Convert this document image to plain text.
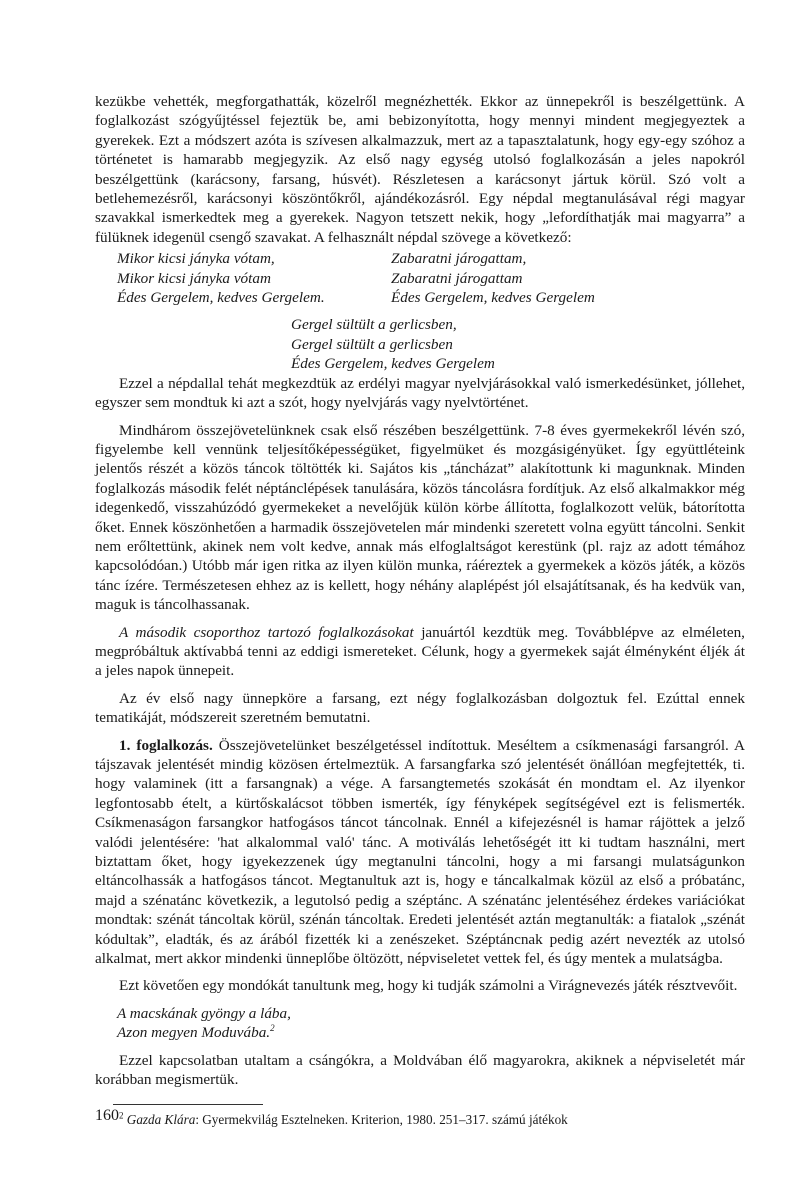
kezükbe vehették, megforgathatták, közelről megnézhették. Ekkor az ünnepekről is beszélgettünk. A foglalkozást szógyűjtéssel fejeztük be, ami bebizonyította, hogy mennyi mindent megjegyeztek a gyerekek. Ezt a módszert azóta is szívesen alkalmazzuk, mert az a tapasztalatunk, hogy egy-egy szóhoz a történetet is hamarabb megjegyzik. Az első nagy egység utolsó foglalkozásán a jeles napokról beszélgettünk (karácsony, farsang, húsvét). Részletesen a karácsonyt jártuk körül. Szó volt a betlehemezésről, karácsonyi köszöntőkről, ajándékozásról. Egy népdal megtanulásával régi magyar szavakkal ismerkedtek meg a gyerekek. Nagyon tetszett nekik, hogy „lefordíthatják mai magyarra” a fülüknek idegenül csengő szavakat. A felhasznált népdal szövege a következő:

Mikor kicsi jányka vótam,
Mikor kicsi jányka vótam
Édes Gergelem, kedves Gergelem.
Zabaratni járogattam,
Zabaratni járogattam
Édes Gergelem, kedves Gergelem
Gergel sültült a gerlicsben,
Gergel sültült a gerlicsben
Édes Gergelem, kedves Gergelem

Ezzel a népdallal tehát megkezdtük az erdélyi magyar nyelvjárásokkal való ismerkedésünket, jóllehet, egyszer sem mondtuk ki azt a szót, hogy nyelvjárás vagy nyelvtörténet.

Mindhárom összejövetelünknek csak első részében beszélgettünk. 7-8 éves gyermekekről lévén szó, figyelembe kell vennünk teljesítőképességüket, figyelmüket és mozgásigényüket. Így együttléteink jelentős részét a közös táncok töltötték ki. Sajátos kis „táncházat” alakítottunk ki magunknak. Minden foglalkozás második felét néptánclépések tanulására, közös táncolásra fordítjuk. Az első alkalmakkor még idegenkedő, visszahúzódó gyermekeket a nevelőjük külön körbe állította, foglalkozott velük, bátorította őket. Ennek köszönhetően a harmadik összejövetelen már mindenki szeretett volna együtt táncolni. Senkit nem erőltettünk, akinek nem volt kedve, annak más elfoglaltságot kerestünk (pl. rajz az adott témához kapcsolódóan.) Utóbb már igen ritka az ilyen külön munka, ráéreztek a gyermekek a közös játék, a közös tánc ízére. Természetesen ehhez az is kellett, hogy néhány alaplépést jól elsajátítsanak, és ha kedvük van, maguk is táncolhassanak.

A második csoporthoz tartozó foglalkozásokat januártól kezdtük meg. Továbblépve az elméleten, megpróbáltuk aktívabbá tenni az eddigi ismereteket. Célunk, hogy a gyermekek saját élményként éljék át a jeles napok ünnepeit.

Az év első nagy ünnepköre a farsang, ezt négy foglalkozásban dolgoztuk fel. Ezúttal ennek tematikáját, módszereit szeretném bemutatni.

1. foglalkozás. Összejövetelünket beszélgetéssel indítottuk. Meséltem a csíkmenasági farsangról. A tájszavak jelentését mindig közösen értelmeztük. A farsangfarka szó jelentését önállóan megfejtették, ti. hogy valaminek (itt a farsangnak) a vége. A farsangtemetés szokását én mondtam el. Az ilyenkor legfontosabb ételt, a kürtőskalácsot többen ismerték, így fényképek segítségével ezt is felismerték. Csíkmenaságon farsangkor hatfogásos táncot táncolnak. Ennél a kifejezésnél is hamar rájöttek a jelző valódi jelentésére: 'hat alkalommal való' tánc. A motiválás lehetőségét itt ki tudtam használni, mert biztattam őket, hogy igyekezzenek úgy megtanulni táncolni, hogy a mi farsangi mulatságunkon eltáncolhassák a hatfogásos táncot. Megtanultuk azt is, hogy e táncalkalmak közül az első a próbatánc, majd a szénatánc következik, a legutolsó pedig a széptánc. A szénatánc jelentéséhez érdekes variációkat mondtak: szénát táncoltak körül, szénán táncoltak. Eredeti jelentését aztán megtanulták: a fiatalok „szénát kódultak”, eladták, és az árából fizették ki a zenészeket. Széptáncnak pedig azért nevezték az utolsó alkalmat, mert akkor mindenki ünneplőbe öltözött, népviseletet vettek fel, és úgy mentek a mulatságba.

Ezt követően egy mondókát tanultunk meg, hogy ki tudják számolni a Virágnevezés játék résztvevőit.

A macskának gyöngy a lába,
Azon megyen Moduvába.$^2$

Ezzel kapcsolatban utaltam a csángókra, a Moldvában élő magyarokra, akiknek a népviseletét már korábban megismertük.

$^2$ Gazda Klára: Gyermekvilág Esztelneken. Kriterion, 1980. 251–317. számú játékok
160
